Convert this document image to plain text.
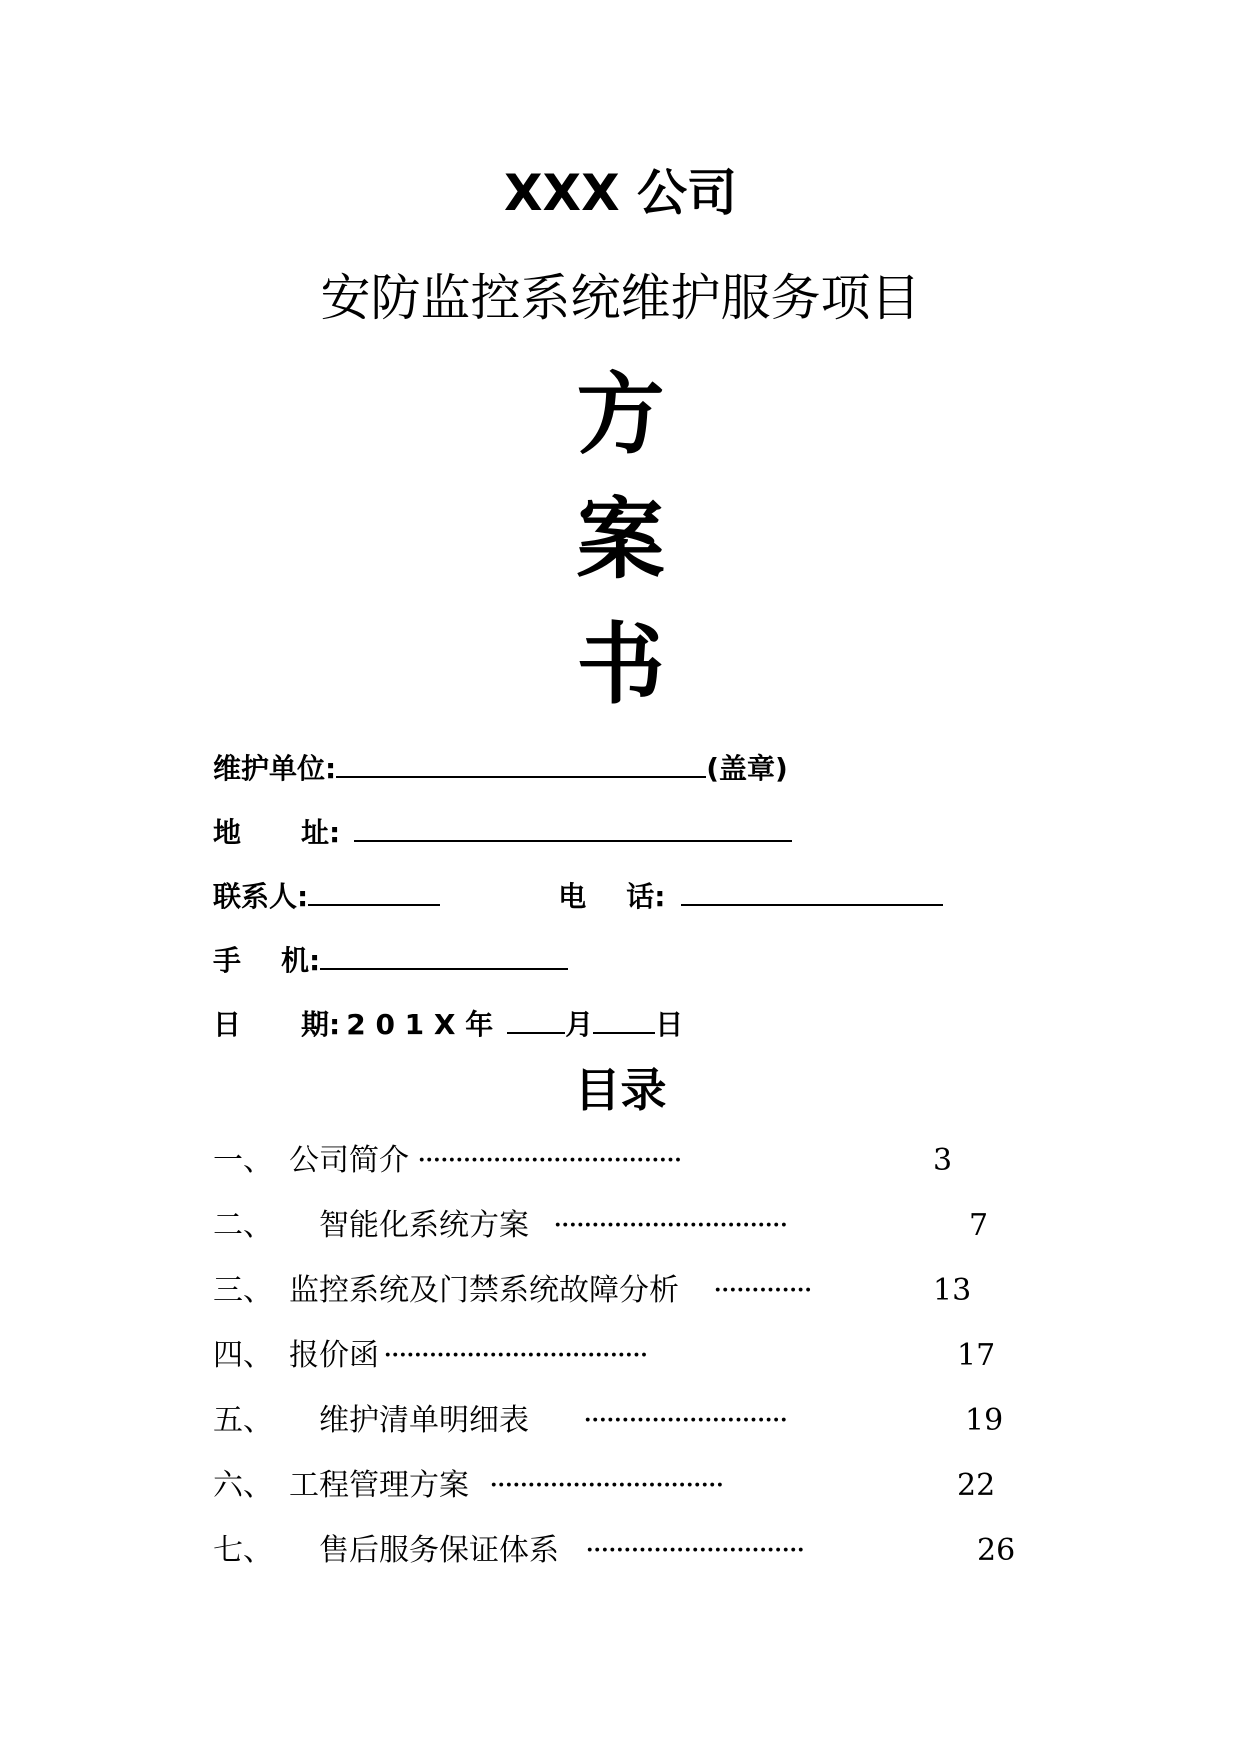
XXX 公司
安防监控系统维护服务项目
方
案
书
维护单位:	(盖章)
地 址:
联系人:	电 话:
手 机:
日 期: 2 0 1 X 年	月 日
目录
一、 公司简介 ···································	3
二、 智能化系统方案 ·······························	7
三、 监控系统及门禁系统故障分析 ·············	13
四、 报价函 ···································	17
五、 维护清单明细表 ···························	19
六、 工程管理方案 ·······························	22
七、 售后服务保证体系 ·····························	26
